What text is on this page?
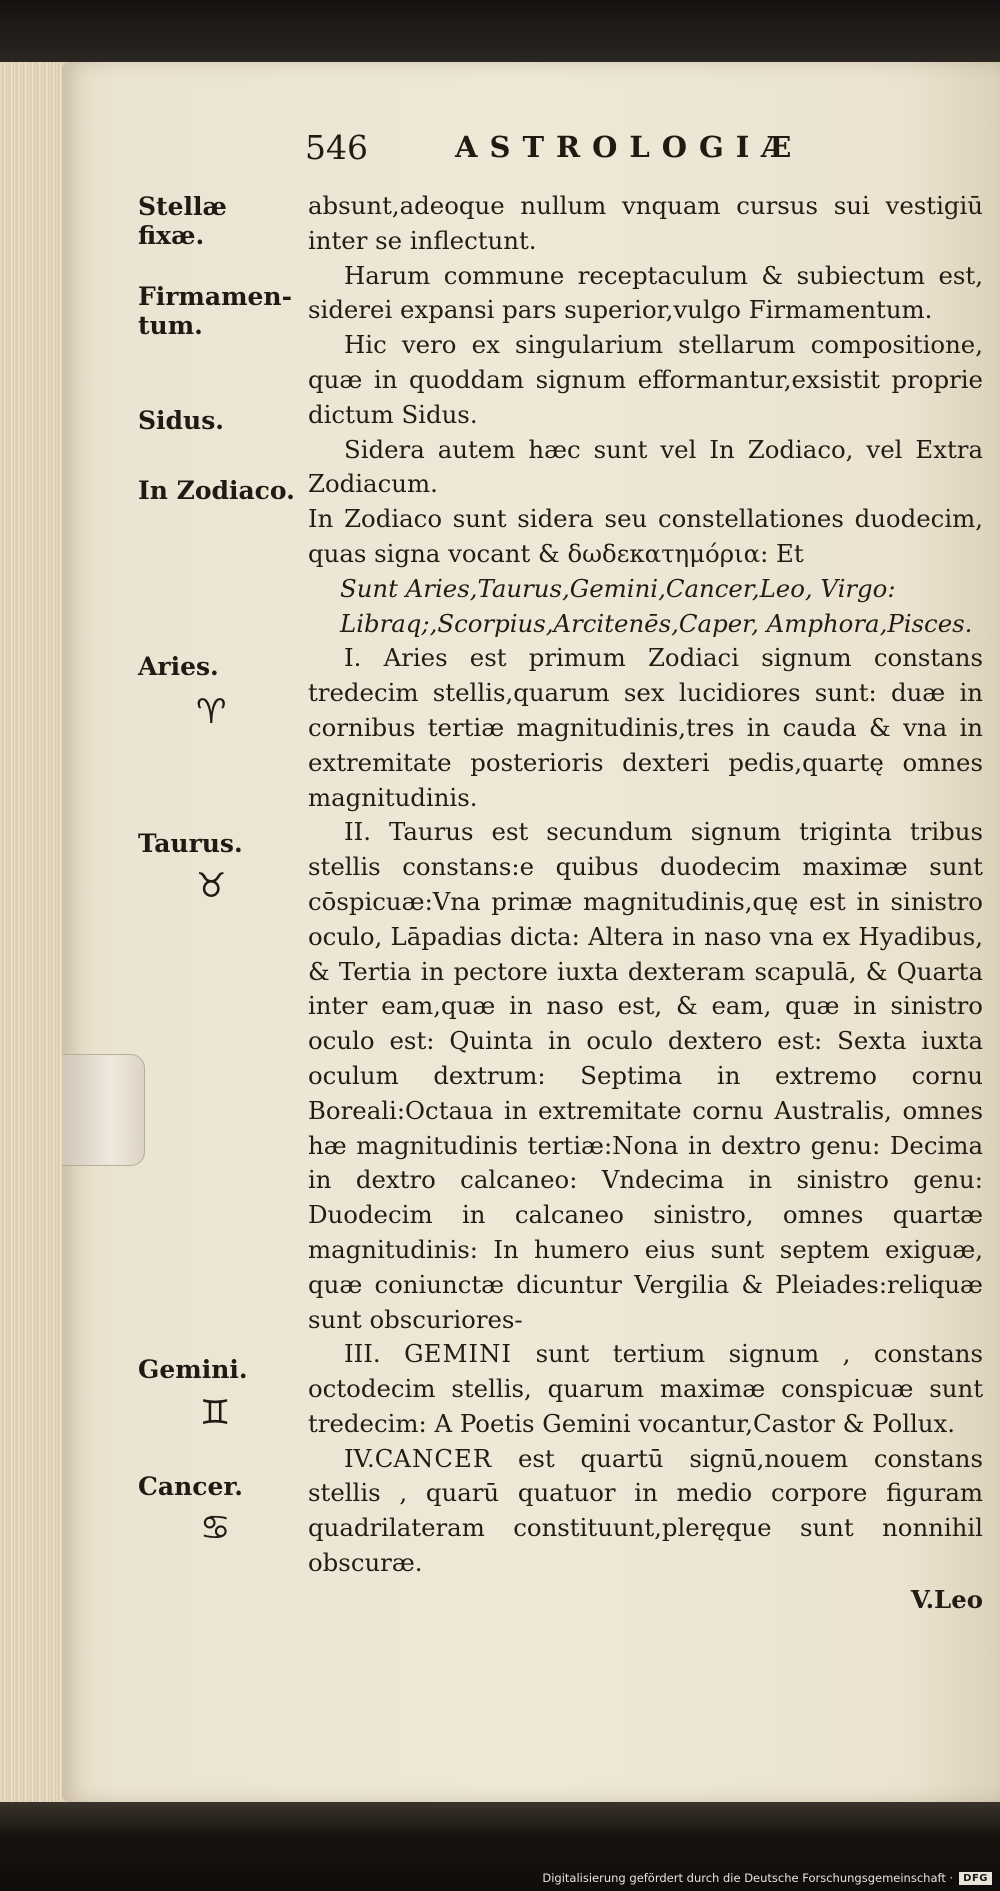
546	ASTROLOGIÆ
Stellæ fixæ.
Firmamen-
tum.
Sidus.
In Zodiaco.
Aries.
♈
Taurus.
♉
Gemini.
♊
Cancer.
♋

absunt,adeoque nullum vnquam cursus sui vestigiū inter se inflectunt.

Harum commune receptaculum & subiectum est, siderei expansi pars superior,vulgo Firmamentum.

Hic vero ex singularium stellarum compositione, quæ in quoddam signum efformantur,exsistit proprie dictum Sidus.

Sidera autem hæc sunt vel In Zodiaco, vel Extra Zodiacum.

In Zodiaco sunt sidera seu constellationes duodecim, quas signa vocant & δωδεκατημόρια: Et

Sunt Aries,Taurus,Gemini,Cancer,Leo, Virgo:

Libraq;,Scorpius,Arcitenēs,Caper, Amphora,Pisces.

I. Aries est primum Zodiaci signum constans tredecim stellis,quarum sex lucidiores sunt: duæ in cornibus tertiæ magnitudinis,tres in cauda & vna in extremitate posterioris dexteri pedis,quartę omnes magnitudinis.

II. Taurus est secundum signum triginta tribus stellis constans:e quibus duodecim maximæ sunt cōspicuæ:Vna primæ magnitudinis,quę est in sinistro oculo, Lāpadias dicta: Altera in naso vna ex Hyadibus, & Tertia in pectore iuxta dexteram scapulā, & Quarta inter eam,quæ in naso est, & eam, quæ in sinistro oculo est: Quinta in oculo dextero est: Sexta iuxta oculum dextrum: Septima in extremo cornu Boreali:Octaua in extremitate cornu Australis, omnes hæ magnitudinis tertiæ:Nona in dextro genu: Decima in dextro calcaneo: Vndecima in sinistro genu: Duodecim in calcaneo sinistro, omnes quartæ magnitudinis: In humero eius sunt septem exiguæ, quæ coniunctæ dicuntur Vergilia & Pleiades:reliquæ sunt obscuriores-

III. GEMINI sunt tertium signum , constans octodecim stellis, quarum maximæ conspicuæ sunt tredecim: A Poetis Gemini vocantur,Castor & Pollux.

IV.CANCER est quartū signū,nouem constans stellis , quarū quatuor in medio corpore figuram quadrilateram constituunt,pleręque sunt nonnihil obscuræ.

V.Leo

Digitalisierung gefördert durch die Deutsche Forschungsgemeinschaft ·	DFG
